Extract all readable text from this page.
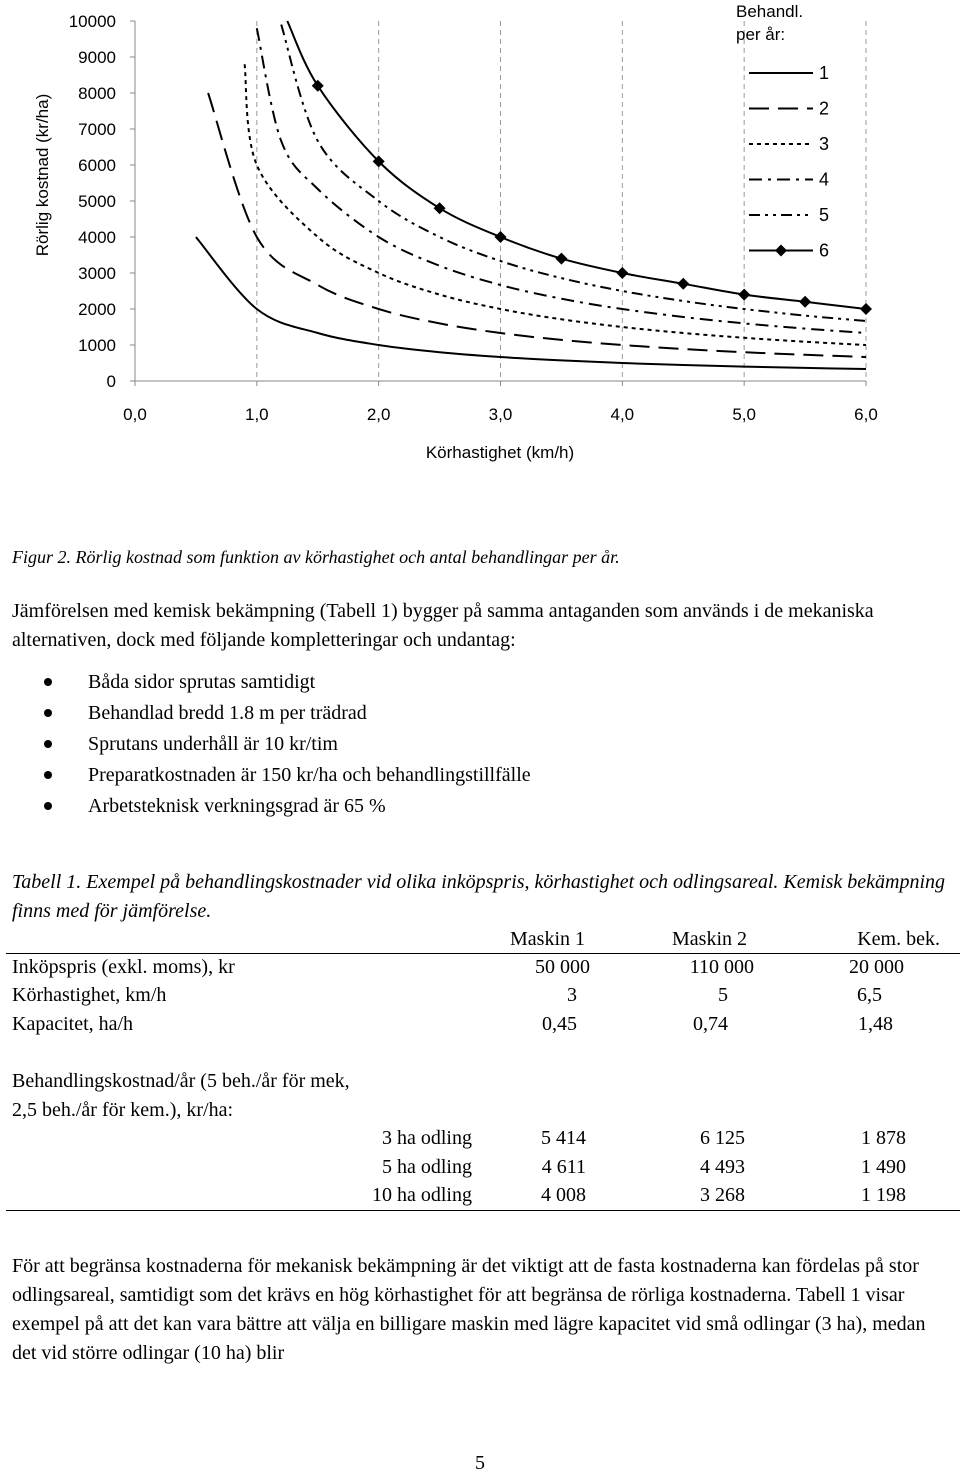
0
1000
2000
3000
4000
5000
6000
7000
8000
9000
10000
0,0	1,0	2,0	3,0	4,0	5,0	6,0
Körhastighet (km/h)
Rörlig kostnad (kr/ha)
Behandl.
per år:
1
2
3
4
5
6
Figur 2. Rörlig kostnad som funktion av körhastighet och antal behandlingar per år.

Jämförelsen med kemisk bekämpning (Tabell 1) bygger på samma antaganden som används i de mekaniska alternativen, dock med följande kompletteringar och undantag:

Båda sidor sprutas samtidigt
Behandlad bredd 1.8 m per trädrad
Sprutans underhåll är 10 kr/tim
Preparatkostnaden är 150 kr/ha och behandlingstillfälle
Arbetsteknisk verkningsgrad är 65 %

Tabell 1. Exempel på behandlingskostnader vid olika inköpspris, körhastighet och odlingsareal. Kemisk bekämpning finns med för jämförelse.

Maskin 1	Maskin 2	Kem. bek.
Inköpspris (exkl. moms), kr	50 000	110 000	20 000
Körhastighet, km/h	3	5	6,5
Kapacitet, ha/h	0,45	0,74	1,48
Behandlingskostnad/år (5 beh./år för mek,
2,5 beh./år för kem.), kr/ha:
3 ha odling	5 414	6 125	1 878
5 ha odling	4 611	4 493	1 490
10 ha odling	4 008	3 268	1 198

För att begränsa kostnaderna för mekanisk bekämpning är det viktigt att de fasta kostnaderna kan fördelas på stor odlingsareal, samtidigt som det krävs en hög körhastighet för att begränsa de rörliga kostnaderna. Tabell 1 visar exempel på att det kan vara bättre att välja en billigare maskin med lägre kapacitet vid små odlingar (3 ha), medan det vid större odlingar (10 ha) blir

5
